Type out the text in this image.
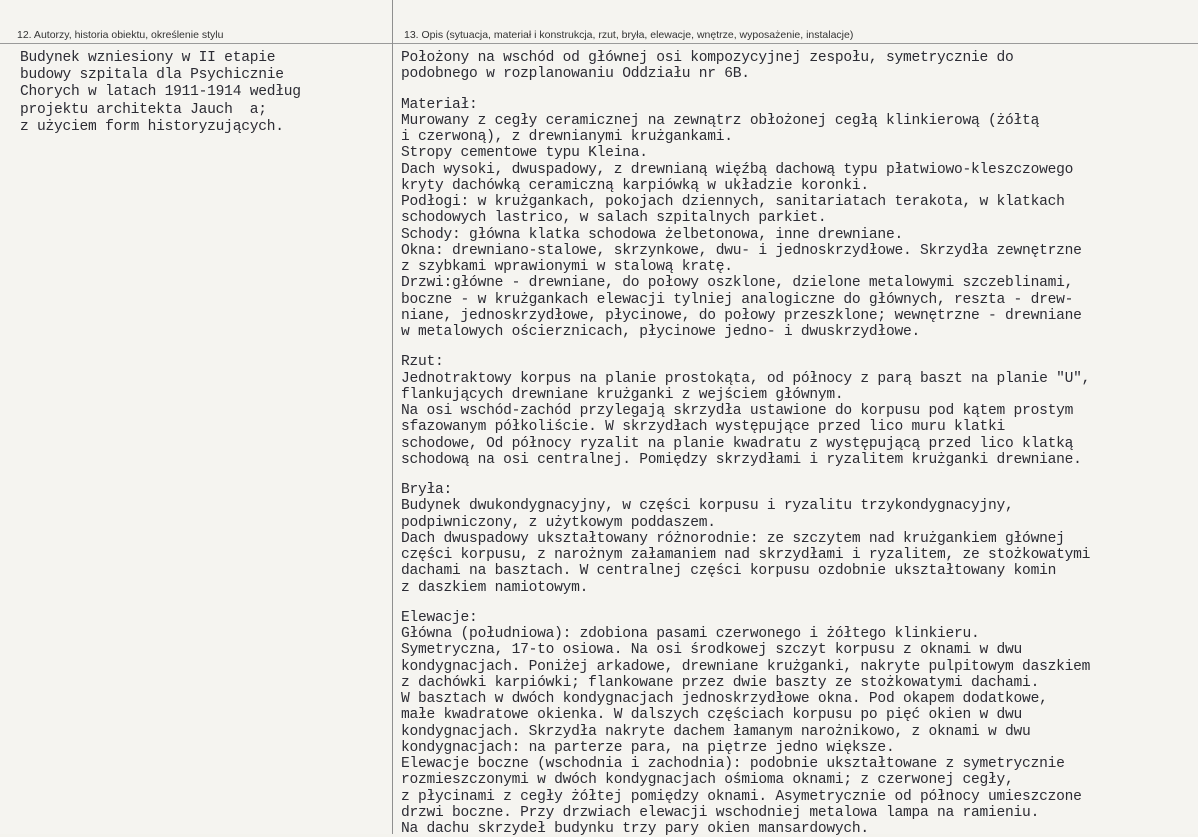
12. Autorzy, historia obiektu, określenie stylu	13. Opis (sytuacja, materiał i konstrukcja, rzut, bryła, elewacje, wnętrze, wyposażenie, instalacje)
Budynek wzniesiony w II etapie
budowy szpitala dla Psychicznie
Chorych w latach 1911-1914 według
projektu architekta Jauch  a;
z użyciem form historyzujących.
Położony na wschód od głównej osi kompozycyjnej zespołu, symetrycznie do
podobnego w rozplanowaniu Oddziału nr 6B.
Materiał:
Murowany z cegły ceramicznej na zewnątrz obłożonej cegłą klinkierową (żółtą
i czerwoną), z drewnianymi krużgankami.
Stropy cementowe typu Kleina.
Dach wysoki, dwuspadowy, z drewnianą więźbą dachową typu płatwiowo-kleszczowego
kryty dachówką ceramiczną karpiówką w układzie koronki.
Podłogi: w krużgankach, pokojach dziennych, sanitariatach terakota, w klatkach
schodowych lastrico, w salach szpitalnych parkiet.
Schody: główna klatka schodowa żelbetonowa, inne drewniane.
Okna: drewniano-stalowe, skrzynkowe, dwu- i jednoskrzydłowe. Skrzydła zewnętrzne
z szybkami wprawionymi w stalową kratę.
Drzwi:główne - drewniane, do połowy oszklone, dzielone metalowymi szczeblinami,
boczne - w krużgankach elewacji tylniej analogiczne do głównych, reszta - drew-
niane, jednoskrzydłowe, płycinowe, do połowy przeszklone; wewnętrzne - drewniane
w metalowych ościerznicach, płycinowe jedno- i dwuskrzydłowe.
Rzut:
Jednotraktowy korpus na planie prostokąta, od północy z parą baszt na planie "U",
flankujących drewniane krużganki z wejściem głównym.
Na osi wschód-zachód przylegają skrzydła ustawione do korpusu pod kątem prostym
sfazowanym półkoliście. W skrzydłach występujące przed lico muru klatki
schodowe, Od północy ryzalit na planie kwadratu z występującą przed lico klatką
schodową na osi centralnej. Pomiędzy skrzydłami i ryzalitem krużganki drewniane.
Bryła:
Budynek dwukondygnacyjny, w części korpusu i ryzalitu trzykondygnacyjny,
podpiwniczony, z użytkowym poddaszem.
Dach dwuspadowy ukształtowany różnorodnie: ze szczytem nad krużgankiem głównej
części korpusu, z narożnym załamaniem nad skrzydłami i ryzalitem, ze stożkowatymi
dachami na basztach. W centralnej części korpusu ozdobnie ukształtowany komin
z daszkiem namiotowym.
Elewacje:
Główna (południowa): zdobiona pasami czerwonego i żółtego klinkieru.
Symetryczna, 17-to osiowa. Na osi środkowej szczyt korpusu z oknami w dwu
kondygnacjach. Poniżej arkadowe, drewniane krużganki, nakryte pulpitowym daszkiem
z dachówki karpiówki; flankowane przez dwie baszty ze stożkowatymi dachami.
W basztach w dwóch kondygnacjach jednoskrzydłowe okna. Pod okapem dodatkowe,
małe kwadratowe okienka. W dalszych częściach korpusu po pięć okien w dwu
kondygnacjach. Skrzydła nakryte dachem łamanym narożnikowo, z oknami w dwu
kondygnacjach: na parterze para, na piętrze jedno większe.
Elewacje boczne (wschodnia i zachodnia): podobnie ukształtowane z symetrycznie
rozmieszczonymi w dwóch kondygnacjach ośmioma oknami; z czerwonej cegły,
z płycinami z cegły żółtej pomiędzy oknami. Asymetrycznie od północy umieszczone
drzwi boczne. Przy drzwiach elewacji wschodniej metalowa lampa na ramieniu.
Na dachu skrzydeł budynku trzy pary okien mansardowych.
